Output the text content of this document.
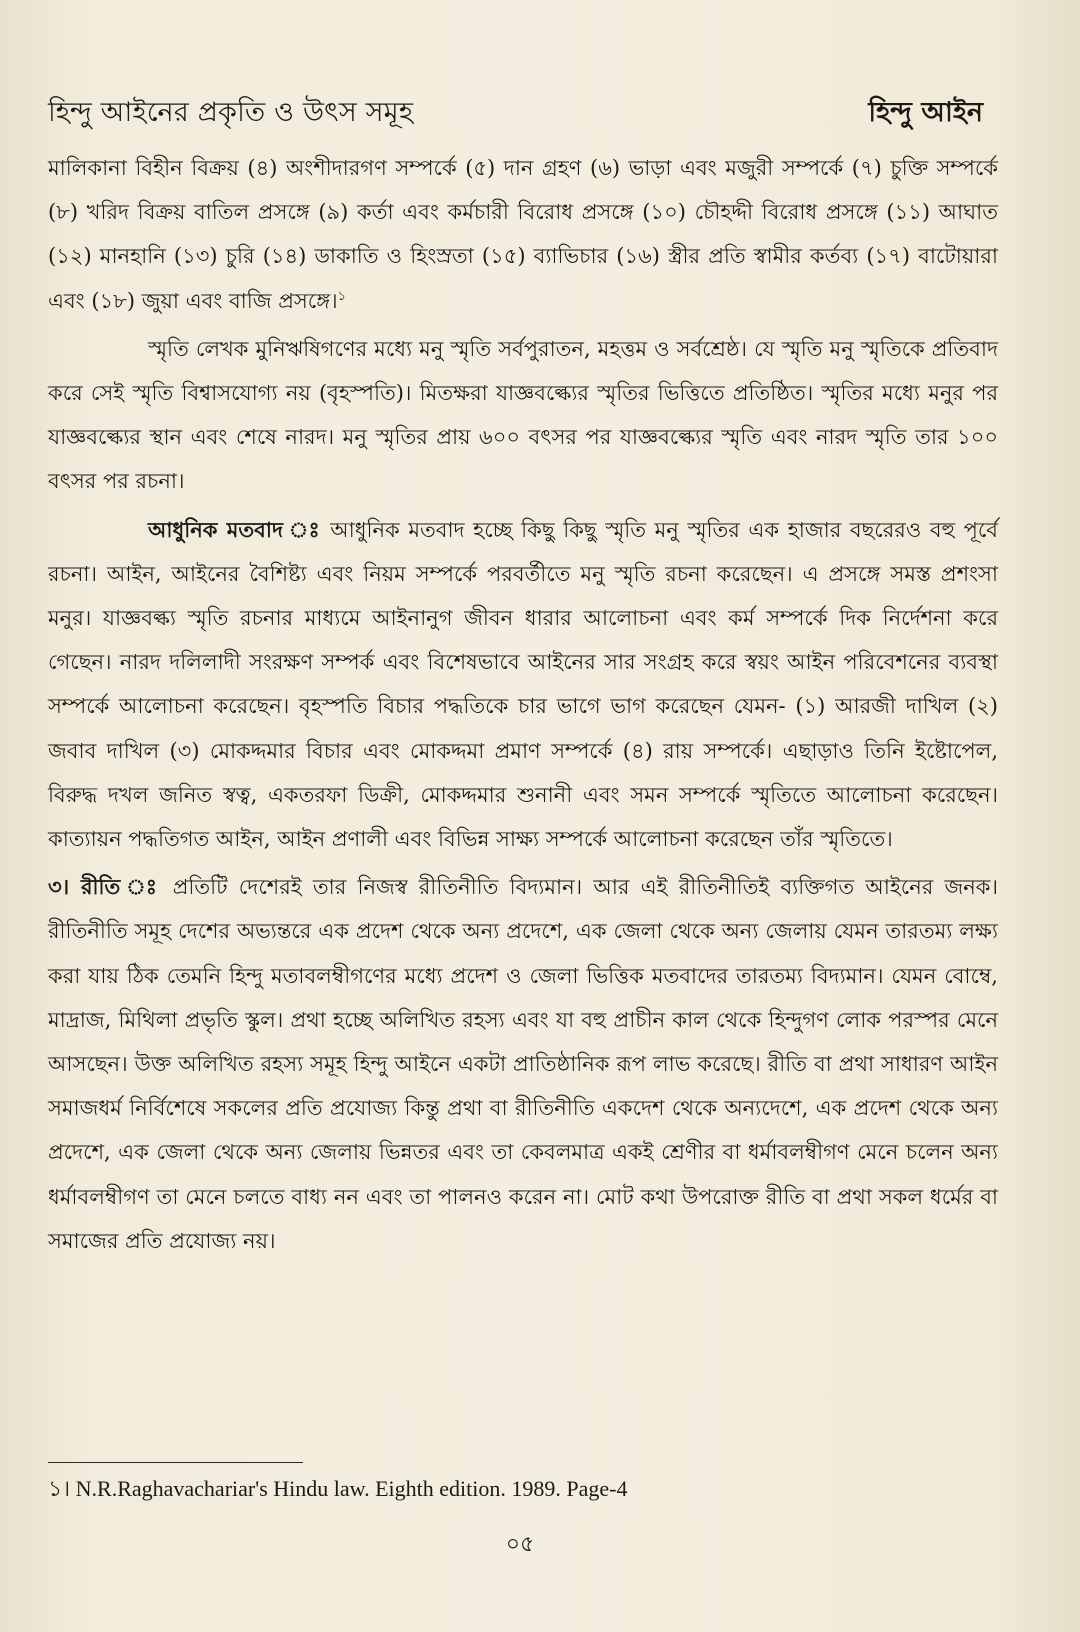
হিন্দু আইনের প্রকৃতি ও উৎস সমূহ	হিন্দু আইন

মালিকানা বিহীন বিক্রয় (৪) অংশীদারগণ সম্পর্কে (৫) দান গ্রহণ (৬) ভাড়া এবং মজুরী সম্পর্কে (৭) চুক্তি সম্পর্কে (৮) খরিদ বিক্রয় বাতিল প্রসঙ্গে (৯) কর্তা এবং কর্মচারী বিরোধ প্রসঙ্গে (১০) চৌহদ্দী বিরোধ প্রসঙ্গে (১১) আঘাত (১২) মানহানি (১৩) চুরি (১৪) ডাকাতি ও হিংস্রতা (১৫) ব্যাভিচার (১৬) স্ত্রীর প্রতি স্বামীর কর্তব্য (১৭) বাটোয়ারা এবং (১৮) জুয়া এবং বাজি প্রসঙ্গে।$^১$

স্মৃতি লেখক মুনিঋষিগণের মধ্যে মনু স্মৃতি সর্বপুরাতন, মহত্তম ও সর্বশ্রেষ্ঠ। যে স্মৃতি মনু স্মৃতিকে প্রতিবাদ করে সেই স্মৃতি বিশ্বাসযোগ্য নয় (বৃহস্পতি)। মিতক্ষরা যাজ্ঞবল্ক্যের স্মৃতির ভিত্তিতে প্রতিষ্ঠিত। স্মৃতির মধ্যে মনুর পর যাজ্ঞবল্ক্যের স্থান এবং শেষে নারদ। মনু স্মৃতির প্রায় ৬০০ বৎসর পর যাজ্ঞবল্ক্যের স্মৃতি এবং নারদ স্মৃতি তার ১০০ বৎসর পর রচনা।

আধুনিক মতবাদ ঃ আধুনিক মতবাদ হচ্ছে কিছু কিছু স্মৃতি মনু স্মৃতির এক হাজার বছরেরও বহু পূর্বে রচনা। আইন, আইনের বৈশিষ্ট্য এবং নিয়ম সম্পর্কে পরবর্তীতে মনু স্মৃতি রচনা করেছেন। এ প্রসঙ্গে সমস্ত প্রশংসা মনুর। যাজ্ঞবল্ক্য স্মৃতি রচনার মাধ্যমে আইনানুগ জীবন ধারার আলোচনা এবং কর্ম সম্পর্কে দিক নির্দেশনা করে গেছেন। নারদ দলিলাদী সংরক্ষণ সম্পর্ক এবং বিশেষভাবে আইনের সার সংগ্রহ করে স্বয়ং আইন পরিবেশনের ব্যবস্থা সম্পর্কে আলোচনা করেছেন। বৃহস্পতি বিচার পদ্ধতিকে চার ভাগে ভাগ করেছেন যেমন- (১) আরজী দাখিল (২) জবাব দাখিল (৩) মোকদ্দমার বিচার এবং মোকদ্দমা প্রমাণ সম্পর্কে (৪) রায় সম্পর্কে। এছাড়াও তিনি ইষ্টোপেল, বিরুদ্ধ দখল জনিত স্বত্ব, একতরফা ডিক্রী, মোকদ্দমার শুনানী এবং সমন সম্পর্কে স্মৃতিতে আলোচনা করেছেন। কাত্যায়ন পদ্ধতিগত আইন, আইন প্রণালী এবং বিভিন্ন সাক্ষ্য সম্পর্কে আলোচনা করেছেন তাঁর স্মৃতিতে।

৩। রীতি ঃ প্রতিটি দেশেরই তার নিজস্ব রীতিনীতি বিদ্যমান। আর এই রীতিনীতিই ব্যক্তিগত আইনের জনক। রীতিনীতি সমূহ দেশের অভ্যন্তরে এক প্রদেশ থেকে অন্য প্রদেশে, এক জেলা থেকে অন্য জেলায় যেমন তারতম্য লক্ষ্য করা যায় ঠিক তেমনি হিন্দু মতাবলম্বীগণের মধ্যে প্রদেশ ও জেলা ভিত্তিক মতবাদের তারতম্য বিদ্যমান। যেমন বোম্বে, মাদ্রাজ, মিথিলা প্রভৃতি স্কুল। প্রথা হচ্ছে অলিখিত রহস্য এবং যা বহু প্রাচীন কাল থেকে হিন্দুগণ লোক পরস্পর মেনে আসছেন। উক্ত অলিখিত রহস্য সমূহ হিন্দু আইনে একটা প্রাতিষ্ঠানিক রূপ লাভ করেছে। রীতি বা প্রথা সাধারণ আইন সমাজধর্ম নির্বিশেষে সকলের প্রতি প্রযোজ্য কিন্তু প্রথা বা রীতিনীতি একদেশ থেকে অন্যদেশে, এক প্রদেশ থেকে অন্য প্রদেশে, এক জেলা থেকে অন্য জেলায় ভিন্নতর এবং তা কেবলমাত্র একই শ্রেণীর বা ধর্মাবলম্বীগণ মেনে চলেন অন্য ধর্মাবলম্বীগণ তা মেনে চলতে বাধ্য নন এবং তা পালনও করেন না। মোট কথা উপরোক্ত রীতি বা প্রথা সকল ধর্মের বা সমাজের প্রতি প্রযোজ্য নয়।

১। N.R.Raghavachariar's Hindu law. Eighth edition. 1989. Page-4
০৫
